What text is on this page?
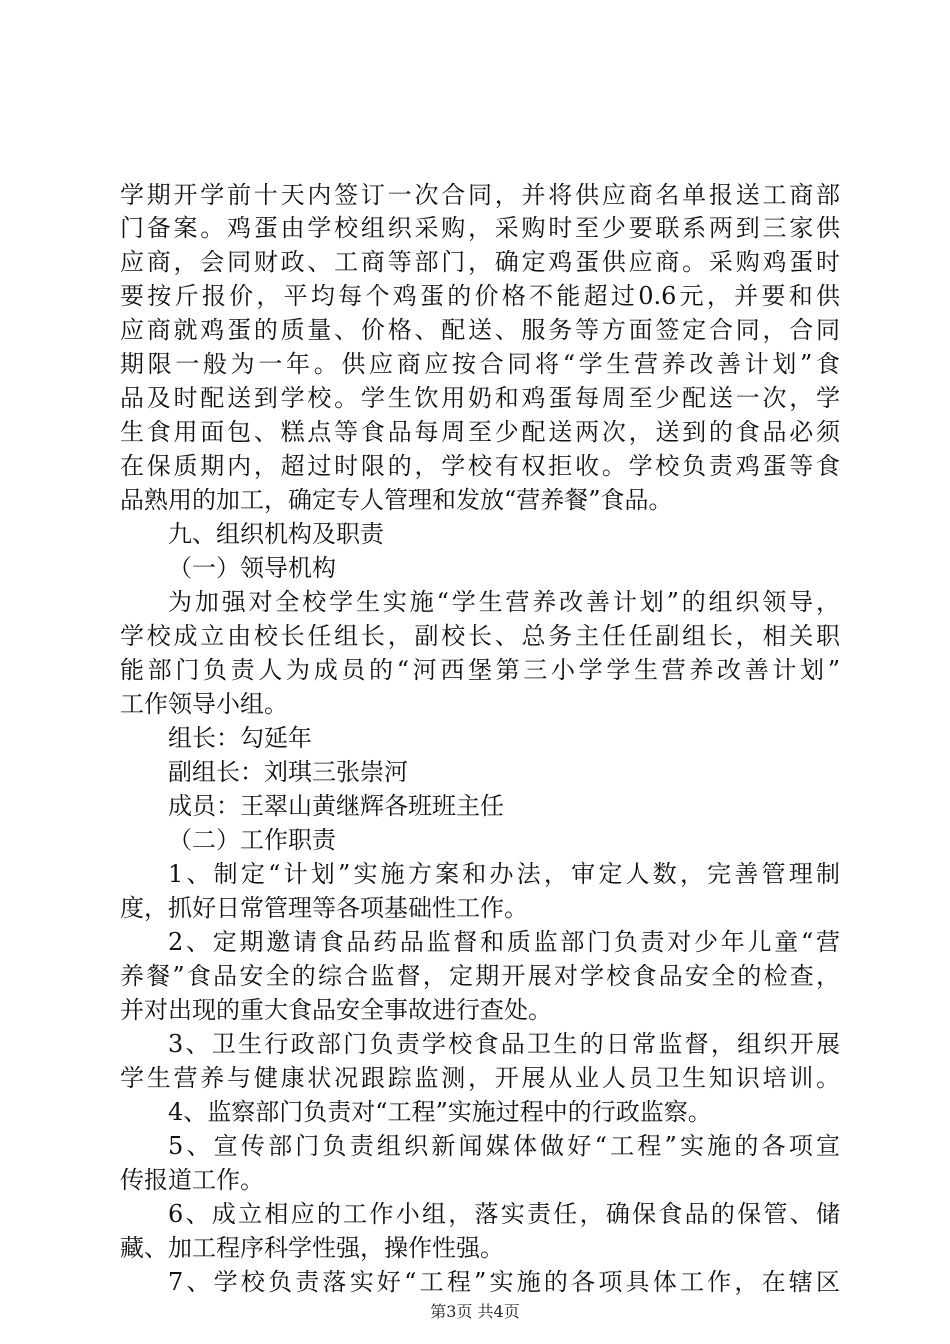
学期开学前十天内签订一次合同，并将供应商名单报送工商部
门备案。鸡蛋由学校组织采购，采购时至少要联系两到三家供
应商，会同财政、工商等部门，确定鸡蛋供应商。采购鸡蛋时
要按斤报价，平均每个鸡蛋的价格不能超过0.6元，并要和供
应商就鸡蛋的质量、价格、配送、服务等方面签定合同，合同
期限一般为一年。供应商应按合同将“学生营养改善计划”食
品及时配送到学校。学生饮用奶和鸡蛋每周至少配送一次，学
生食用面包、糕点等食品每周至少配送两次，送到的食品必须
在保质期内，超过时限的，学校有权拒收。学校负责鸡蛋等食
品熟用的加工，确定专人管理和发放“营养餐”食品。
九、组织机构及职责
（一）领导机构
为加强对全校学生实施“学生营养改善计划”的组织领导，
学校成立由校长任组长，副校长、总务主任任副组长，相关职
能部门负责人为成员的“河西堡第三小学学生营养改善计划”
工作领导小组。
组长：勾延年
副组长：刘琪三张崇河
成员：王翠山黄继辉各班班主任
（二）工作职责
1、制定“计划”实施方案和办法，审定人数，完善管理制
度，抓好日常管理等各项基础性工作。
2、定期邀请食品药品监督和质监部门负责对少年儿童“营
养餐”食品安全的综合监督，定期开展对学校食品安全的检查，
并对出现的重大食品安全事故进行查处。
3、卫生行政部门负责学校食品卫生的日常监督，组织开展
学生营养与健康状况跟踪监测，开展从业人员卫生知识培训。
4、监察部门负责对“工程”实施过程中的行政监察。
5、宣传部门负责组织新闻媒体做好“工程”实施的各项宣
传报道工作。
6、成立相应的工作小组，落实责任，确保食品的保管、储
藏、加工程序科学性强，操作性强。
7、学校负责落实好“工程”实施的各项具体工作，在辖区
第3页 共4页
